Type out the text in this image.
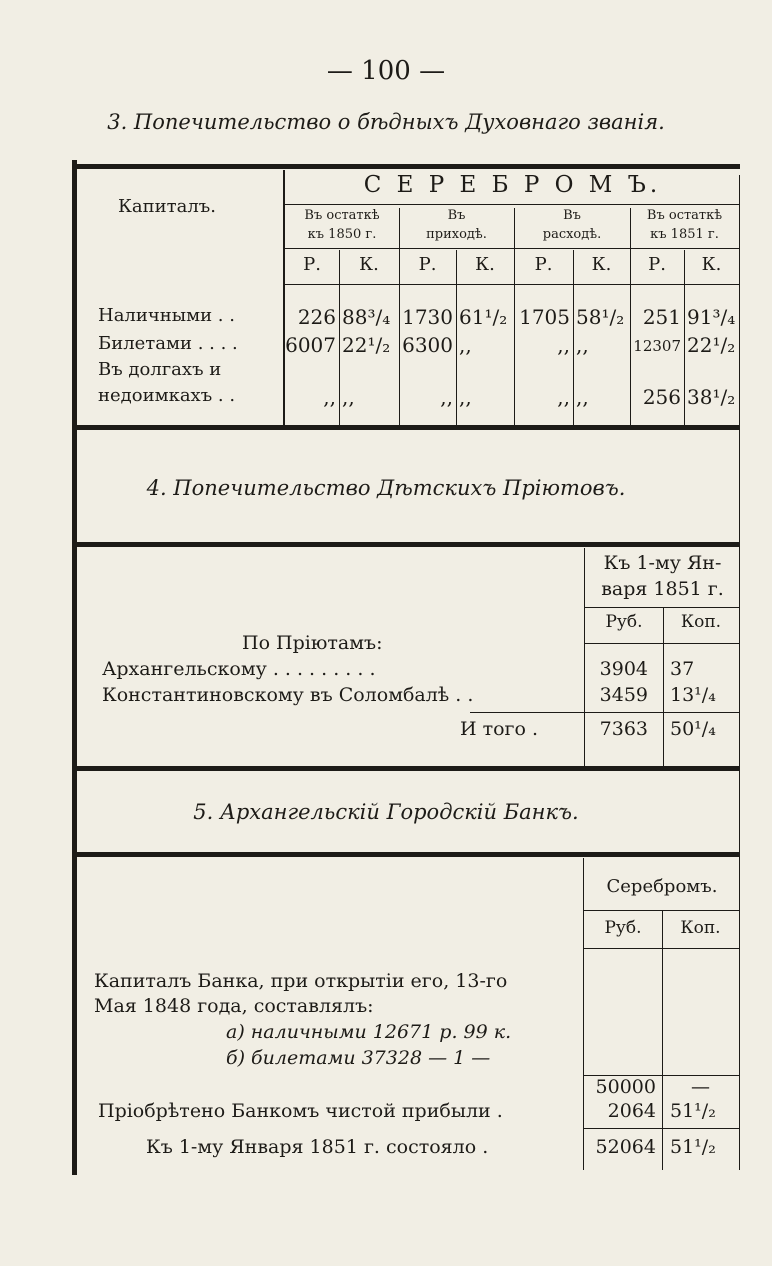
— 100 —
3. Попечительство о бѣдныхъ Духовнаго званія.
Капиталъ.
С Е Р Е Б Р О М Ъ.
Въ остаткѣ
къ 1850 г.
Въ
приходѣ.
Въ
расходѣ.
Въ остаткѣ
къ 1851 г.
Р.	К.	Р.	К.	Р.	К.	Р.	К.
Наличными . .	226 88³/₄ 1730 61¹/₂ 1705 58¹/₂ 251 91³/₄
Билетами . . . . 6007 22¹/₂ 6300 ,,	,, ,,	12307 22¹/₂
Въ долгахъ и
недоимкахъ . .	,, ,,	,, ,,	,, ,,	256 38¹/₂
4. Попечительство Дѣтскихъ Пріютовъ.
Къ 1-му Ян-
варя 1851 г.
Руб.	Коп.
По Пріютамъ:
Архангельскому . . . . . . . . .	3904 37
Константиновскому въ Соломбалѣ . .	3459 13¹/₄
И того .	7363 50¹/₄
5. Архангельскій Городскій Банкъ.
Серебромъ.
Руб.	Коп.
Капиталъ Банка, при открытіи его, 13-го
Мая 1848 года, составлялъ:
а) наличными 12671 р. 99 к.
б) билетами 37328 — 1 —
50000	—
Пріобрѣтено Банкомъ чистой прибыли .	2064 51¹/₂
Къ 1-му Января 1851 г. состояло .	52064 51¹/₂
